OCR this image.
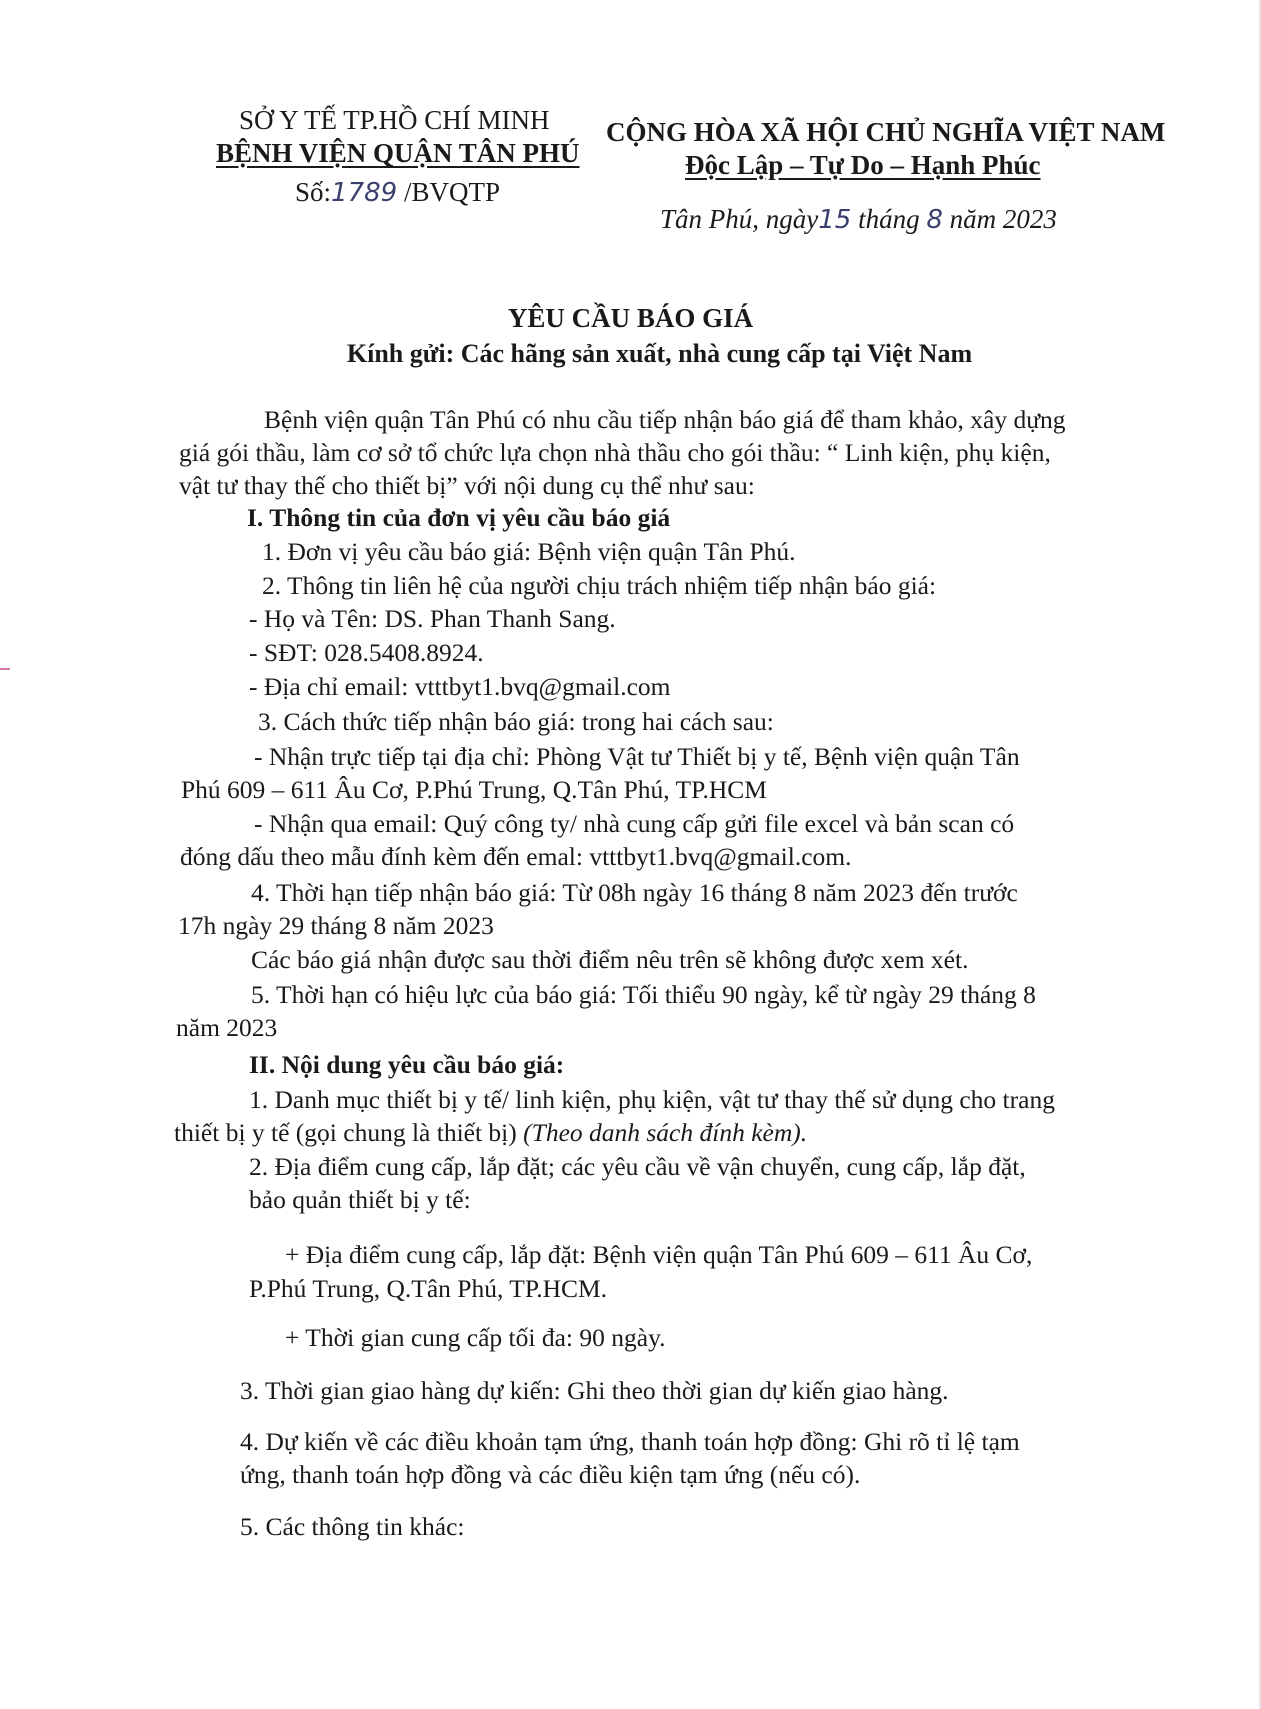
SỞ Y TẾ TP.HỒ CHÍ MINH
BỆNH VIỆN QUẬN TÂN PHÚ
Số:1789 /BVQTP
CỘNG HÒA XÃ HỘI CHỦ NGHĨA VIỆT NAM
Độc Lập – Tự Do – Hạnh Phúc
Tân Phú, ngày15 tháng 8 năm 2023
YÊU CẦU BÁO GIÁ
Kính gửi: Các hãng sản xuất, nhà cung cấp tại Việt Nam
Bệnh viện quận Tân Phú có nhu cầu tiếp nhận báo giá để tham khảo, xây dựng
giá gói thầu, làm cơ sở tổ chức lựa chọn nhà thầu cho gói thầu: “ Linh kiện, phụ kiện,
vật tư thay thế cho thiết bị” với nội dung cụ thể như sau:
I. Thông tin của đơn vị yêu cầu báo giá
1. Đơn vị yêu cầu báo giá: Bệnh viện quận Tân Phú.
2. Thông tin liên hệ của người chịu trách nhiệm tiếp nhận báo giá:
- Họ và Tên: DS. Phan Thanh Sang.
- SĐT: 028.5408.8924.
- Địa chỉ email: vtttbyt1.bvq@gmail.com
3. Cách thức tiếp nhận báo giá: trong hai cách sau:
- Nhận trực tiếp tại địa chỉ: Phòng Vật tư Thiết bị y tế, Bệnh viện quận Tân
Phú 609 – 611 Âu Cơ, P.Phú Trung, Q.Tân Phú, TP.HCM
- Nhận qua email: Quý công ty/ nhà cung cấp gửi file excel và bản scan có
đóng dấu theo mẫu đính kèm đến emal: vtttbyt1.bvq@gmail.com.
4. Thời hạn tiếp nhận báo giá: Từ 08h ngày 16 tháng 8 năm 2023 đến trước
17h ngày 29 tháng 8 năm 2023
Các báo giá nhận được sau thời điểm nêu trên sẽ không được xem xét.
5. Thời hạn có hiệu lực của báo giá: Tối thiểu 90 ngày, kể từ ngày 29 tháng 8
năm 2023
II. Nội dung yêu cầu báo giá:
1. Danh mục thiết bị y tế/ linh kiện, phụ kiện, vật tư thay thế sử dụng cho trang
thiết bị y tế (gọi chung là thiết bị) (Theo danh sách đính kèm).
2. Địa điểm cung cấp, lắp đặt; các yêu cầu về vận chuyển, cung cấp, lắp đặt,
bảo quản thiết bị y tế:
+ Địa điểm cung cấp, lắp đặt: Bệnh viện quận Tân Phú 609 – 611 Âu Cơ,
P.Phú Trung, Q.Tân Phú, TP.HCM.
+ Thời gian cung cấp tối đa: 90 ngày.
3. Thời gian giao hàng dự kiến: Ghi theo thời gian dự kiến giao hàng.
4. Dự kiến về các điều khoản tạm ứng, thanh toán hợp đồng: Ghi rõ tỉ lệ tạm
ứng, thanh toán hợp đồng và các điều kiện tạm ứng (nếu có).
5. Các thông tin khác:
